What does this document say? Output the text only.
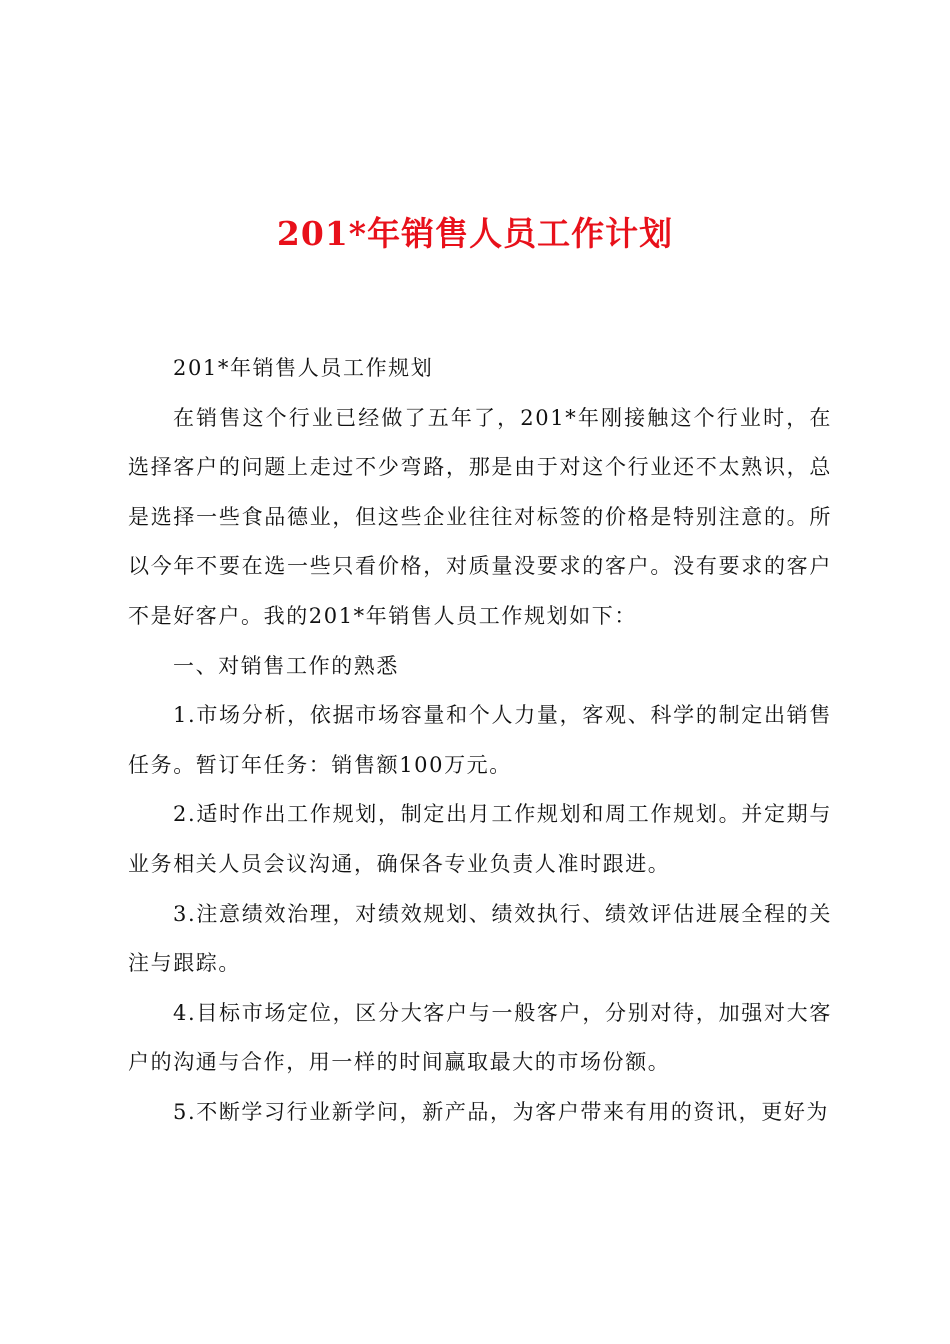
201*年销售人员工作计划

201*年销售人员工作规划

在销售这个行业已经做了五年了，201*年刚接触这个行业时，在选择客户的问题上走过不少弯路，那是由于对这个行业还不太熟识，总是选择一些食品德业，但这些企业往往对标签的价格是特别注意的。所以今年不要在选一些只看价格，对质量没要求的客户。没有要求的客户不是好客户。我的201*年销售人员工作规划如下：

一、对销售工作的熟悉

1.市场分析，依据市场容量和个人力量，客观、科学的制定出销售任务。暂订年任务：销售额100万元。

2.适时作出工作规划，制定出月工作规划和周工作规划。并定期与业务相关人员会议沟通，确保各专业负责人准时跟进。

3.注意绩效治理，对绩效规划、绩效执行、绩效评估进展全程的关注与跟踪。

4.目标市场定位，区分大客户与一般客户，分别对待，加强对大客户的沟通与合作，用一样的时间赢取最大的市场份额。

5.不断学习行业新学问，新产品，为客户带来有用的资讯，更好为
